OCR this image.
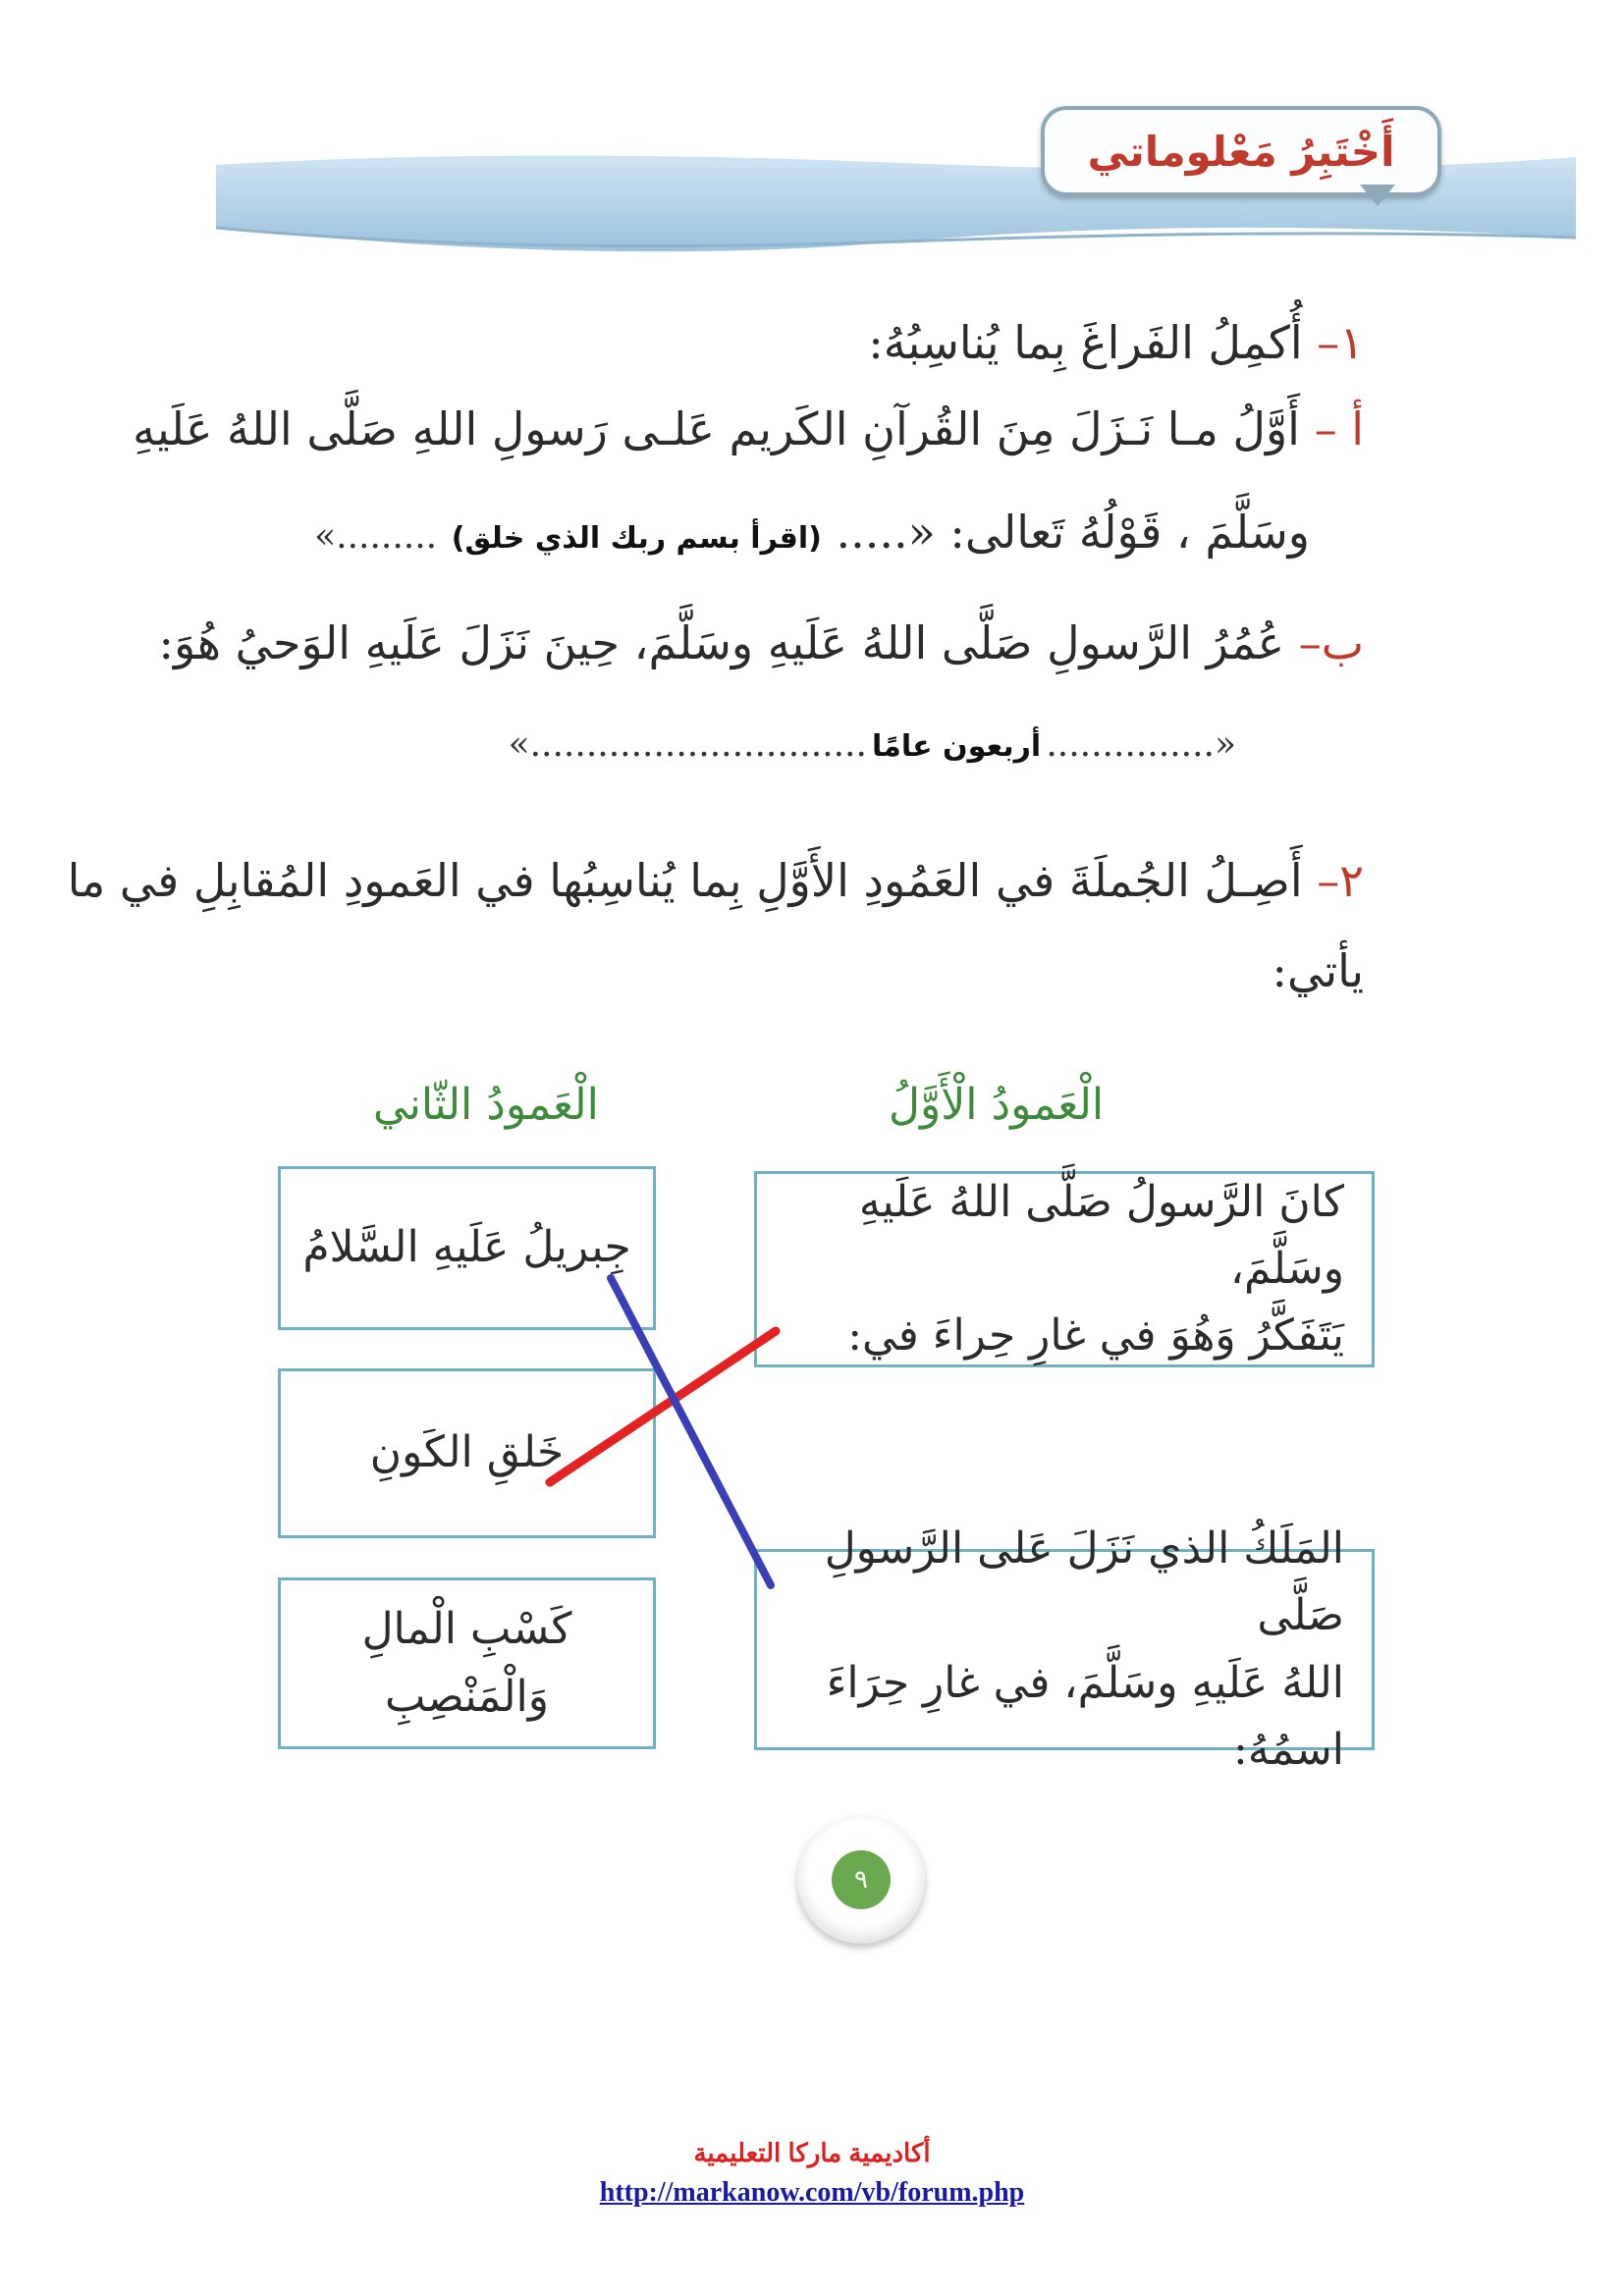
أَخْتَبِرُ مَعْلوماتي
١– أُكمِلُ الفَراغَ بِما يُناسِبُهُ:
أ – أَوَّلُ مـا نَـزَلَ مِنَ القُرآنِ الكَريم عَلـى رَسولِ اللهِ صَلَّى اللهُ عَلَيهِ
وسَلَّمَ ، قَوْلُهُ تَعالى: «..... (اقرأ بسم ربك الذي خلق) .........»
ب– عُمُرُ الرَّسولِ صَلَّى اللهُ عَلَيهِ وسَلَّمَ، حِينَ نَزَلَ عَلَيهِ الوَحيُ هُوَ:
«............... أربعون عامًا ..............................»
٢– أَصِـلُ الجُملَةَ في العَمُودِ الأَوَّلِ بِما يُناسِبُها في العَمودِ المُقابِلِ في ما
يأتي:
الْعَمودُ الْأَوَّلُ
الْعَمودُ الثّاني
كانَ الرَّسولُ صَلَّى اللهُ عَلَيهِ وسَلَّمَ،
يَتَفَكَّرُ وَهُوَ في غارِ حِراءَ في:
المَلَكُ الذي نَزَلَ عَلى الرَّسولِ صَلَّى
اللهُ عَلَيهِ وسَلَّمَ، في غارِ حِرَاءَ اسمُهُ:
جِبريلُ عَلَيهِ السَّلامُ
خَلقِ الكَونِ
كَسْبِ الْمالِ وَالْمَنْصِبِ
٩
أكاديمية ماركا التعليمية
http://markanow.com/vb/forum.php
